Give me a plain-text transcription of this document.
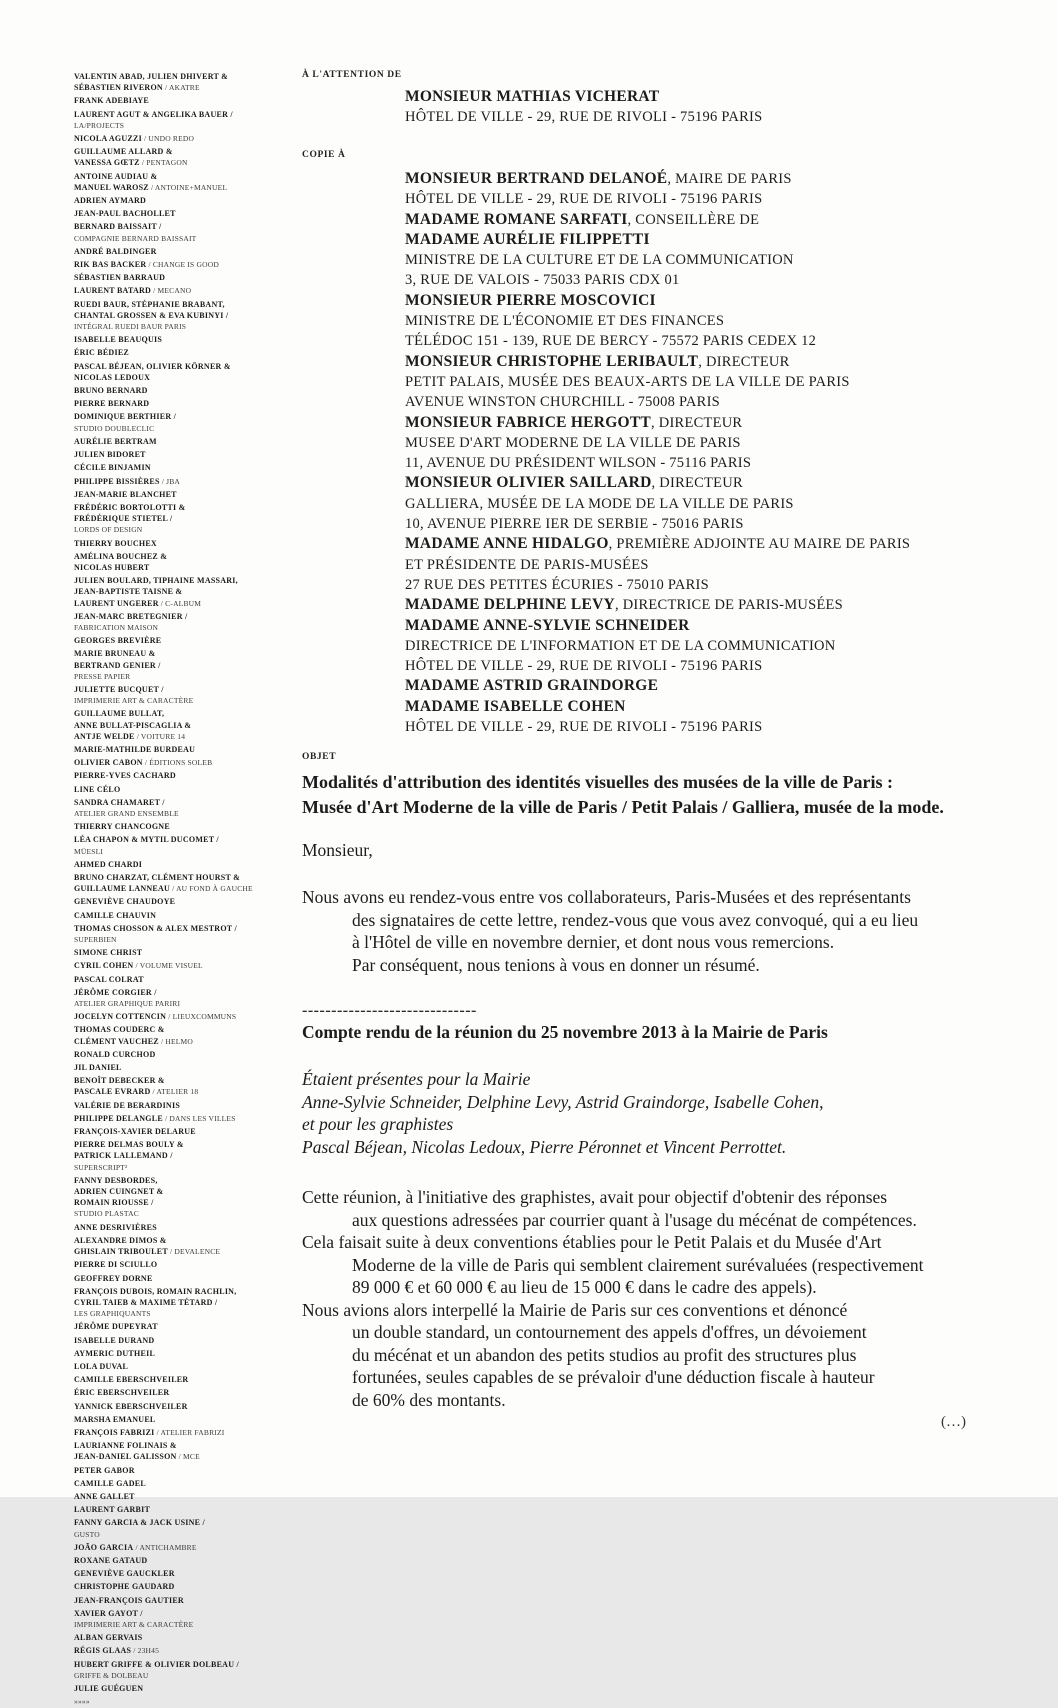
VALENTIN ABAD, JULIEN DHIVERT &
SÉBASTIEN RIVERON / AKATRE
FRANK ADEBIAYE
LAURENT AGUT & ANGELIKA BAUER /
LA/PROJECTS
NICOLA AGUZZI / UNDO REDO
GUILLAUME ALLARD &
VANESSA GŒTZ / PENTAGON
ANTOINE AUDIAU &
MANUEL WAROSZ / ANTOINE+MANUEL
ADRIEN AYMARD
JEAN-PAUL BACHOLLET
BERNARD BAISSAIT /
COMPAGNIE BERNARD BAISSAIT
ANDRÉ BALDINGER
RIK BAS BACKER / CHANGE IS GOOD
SÉBASTIEN BARRAUD
LAURENT BATARD / MECANO
RUEDI BAUR, STÉPHANIE BRABANT,
CHANTAL GROSSEN & EVA KUBINYI /
INTÉGRAL RUEDI BAUR PARIS
ISABELLE BEAUQUIS
ÉRIC BÉDIEZ
PASCAL BÉJEAN, OLIVIER KÖRNER &
NICOLAS LEDOUX
BRUNO BERNARD
PIERRE BERNARD
DOMINIQUE BERTHIER /
STUDIO DOUBLECLIC
AURÉLIE BERTRAM
JULIEN BIDORET
CÉCILE BINJAMIN
PHILIPPE BISSIÈRES / JBA
JEAN-MARIE BLANCHET
FRÉDÉRIC BORTOLOTTI &
FRÉDÉRIQUE STIETEL /
LORDS OF DESIGN
THIERRY BOUCHEX
AMÉLINA BOUCHEZ &
NICOLAS HUBERT
JULIEN BOULARD, TIPHAINE MASSARI,
JEAN-BAPTISTE TAISNE &
LAURENT UNGERER / C-ALBUM
JEAN-MARC BRETEGNIER /
FABRICATION MAISON
GEORGES BREVIÈRE
MARIE BRUNEAU &
BERTRAND GENIER /
PRESSE PAPIER
JULIETTE BUCQUET /
IMPRIMERIE ART & CARACTÈRE
GUILLAUME BULLAT,
ANNE BULLAT-PISCAGLIA &
ANTJE WELDE / VOITURE 14
MARIE-MATHILDE BURDEAU
OLIVIER CABON / ÉDITIONS SOLEB
PIERRE-YVES CACHARD
LINE CÉLO
SANDRA CHAMARET /
ATELIER GRAND ENSEMBLE
THIERRY CHANCOGNE
LÉA CHAPON & MYTIL DUCOMET /
MÜESLI
AHMED CHARDI
BRUNO CHARZAT, CLÉMENT HOURST &
GUILLAUME LANNEAU / AU FOND À GAUCHE
GENEVIÈVE CHAUDOYE
CAMILLE CHAUVIN
THOMAS CHOSSON & ALEX MESTROT /
SUPERBIEN
SIMONE CHRIST
CYRIL COHEN / VOLUME VISUEL
PASCAL COLRAT
JÉRÔME CORGIER /
ATELIER GRAPHIQUE PARIRI
JOCELYN COTTENCIN / LIEUXCOMMUNS
THOMAS COUDERC &
CLÉMENT VAUCHEZ / HELMO
RONALD CURCHOD
JIL DANIEL
BENOÎT DEBECKER &
PASCALE EVRARD / ATELIER 18
VALÉRIE DE BERARDINIS
PHILIPPE DELANGLE / DANS LES VILLES
FRANÇOIS-XAVIER DELARUE
PIERRE DELMAS BOULY &
PATRICK LALLEMAND /
SUPERSCRIPT²
FANNY DESBORDES,
ADRIEN CUINGNET &
ROMAIN RIOUSSE /
STUDIO PLASTAC
ANNE DESRIVIÈRES
ALEXANDRE DIMOS &
GHISLAIN TRIBOULET / DEVALENCE
PIERRE DI SCIULLO
GEOFFREY DORNE
FRANÇOIS DUBOIS, ROMAIN RACHLIN,
CYRIL TAIEB & MAXIME TÉTARD /
LES GRAPHIQUANTS
JÉRÔME DUPEYRAT
ISABELLE DURAND
AYMERIC DUTHEIL
LOLA DUVAL
CAMILLE EBERSCHVEILER
ÉRIC EBERSCHVEILER
YANNICK EBERSCHVEILER
MARSHA EMANUEL
FRANÇOIS FABRIZI / ATELIER FABRIZI
LAURIANNE FOLINAIS &
JEAN-DANIEL GALISSON / MCE
PETER GABOR
CAMILLE GADEL
ANNE GALLET
LAURENT GARBIT
FANNY GARCIA & JACK USINE /
GUSTO
JOÃO GARCIA / ANTICHAMBRE
ROXANE GATAUD
GENEVIÈVE GAUCKLER
CHRISTOPHE GAUDARD
JEAN-FRANÇOIS GAUTIER
XAVIER GAYOT /
IMPRIMERIE ART & CARACTÈRE
ALBAN GERVAIS
RÉGIS GLAAS / 23H45
HUBERT GRIFFE & OLIVIER DOLBEAU /
GRIFFE & DOLBEAU
JULIE GUÉGUEN
»»»»
À L'ATTENTION DE
MONSIEUR MATHIAS VICHERAT
HÔTEL DE VILLE - 29, RUE DE RIVOLI - 75196 PARIS
COPIE À
MONSIEUR BERTRAND DELANOÉ, MAIRE DE PARIS
HÔTEL DE VILLE - 29, RUE DE RIVOLI - 75196 PARIS
MADAME ROMANE SARFATI, CONSEILLÈRE DE
MADAME AURÉLIE FILIPPETTI
MINISTRE DE LA CULTURE ET DE LA COMMUNICATION
3, RUE DE VALOIS - 75033 PARIS CDX 01
MONSIEUR PIERRE MOSCOVICI
MINISTRE DE L'ÉCONOMIE ET DES FINANCES
TÉLÉDOC 151 - 139, RUE DE BERCY - 75572 PARIS CEDEX 12
MONSIEUR CHRISTOPHE LERIBAULT, DIRECTEUR
PETIT PALAIS, MUSÉE DES BEAUX-ARTS DE LA VILLE DE PARIS
AVENUE WINSTON CHURCHILL - 75008 PARIS
MONSIEUR FABRICE HERGOTT, DIRECTEUR
MUSEE D'ART MODERNE DE LA VILLE DE PARIS
11, AVENUE DU PRÉSIDENT WILSON - 75116 PARIS
MONSIEUR OLIVIER SAILLARD, DIRECTEUR
GALLIERA, MUSÉE DE LA MODE DE LA VILLE DE PARIS
10, AVENUE PIERRE IER DE SERBIE - 75016 PARIS
MADAME ANNE HIDALGO, PREMIÈRE ADJOINTE AU MAIRE DE PARIS
ET PRÉSIDENTE DE PARIS-MUSÉES
27 RUE DES PETITES ÉCURIES - 75010 PARIS
MADAME DELPHINE LEVY, DIRECTRICE DE PARIS-MUSÉES
MADAME ANNE-SYLVIE SCHNEIDER
DIRECTRICE DE L'INFORMATION ET DE LA COMMUNICATION
HÔTEL DE VILLE - 29, RUE DE RIVOLI - 75196 PARIS
MADAME ASTRID GRAINDORGE
MADAME ISABELLE COHEN
HÔTEL DE VILLE - 29, RUE DE RIVOLI - 75196 PARIS
OBJET
Modalités d'attribution des identités visuelles des musées de la ville de Paris :
Musée d'Art Moderne de la ville de Paris / Petit Palais / Galliera, musée de la mode.
Monsieur,
Nous avons eu rendez-vous entre vos collaborateurs, Paris-Musées et des représentants
des signataires de cette lettre, rendez-vous que vous avez convoqué, qui a eu lieu
à l'Hôtel de ville en novembre dernier, et dont nous vous remercions.
Par conséquent, nous tenions à vous en donner un résumé.
------------------------------
Compte rendu de la réunion du 25 novembre 2013 à la Mairie de Paris
Étaient présentes pour la Mairie
Anne-Sylvie Schneider, Delphine Levy, Astrid Graindorge, Isabelle Cohen,
et pour les graphistes
Pascal Béjean, Nicolas Ledoux, Pierre Péronnet et Vincent Perrottet.
Cette réunion, à l'initiative des graphistes, avait pour objectif d'obtenir des réponses
aux questions adressées par courrier quant à l'usage du mécénat de compétences.
Cela faisait suite à deux conventions établies pour le Petit Palais et du Musée d'Art
Moderne de la ville de Paris qui semblent clairement surévaluées (respectivement
89 000 € et 60 000 € au lieu de 15 000 € dans le cadre des appels).
Nous avions alors interpellé la Mairie de Paris sur ces conventions et dénoncé
un double standard, un contournement des appels d'offres, un dévoiement
du mécénat et un abandon des petits studios au profit des structures plus
fortunées, seules capables de se prévaloir d'une déduction fiscale à hauteur
de 60% des montants.
(…)
